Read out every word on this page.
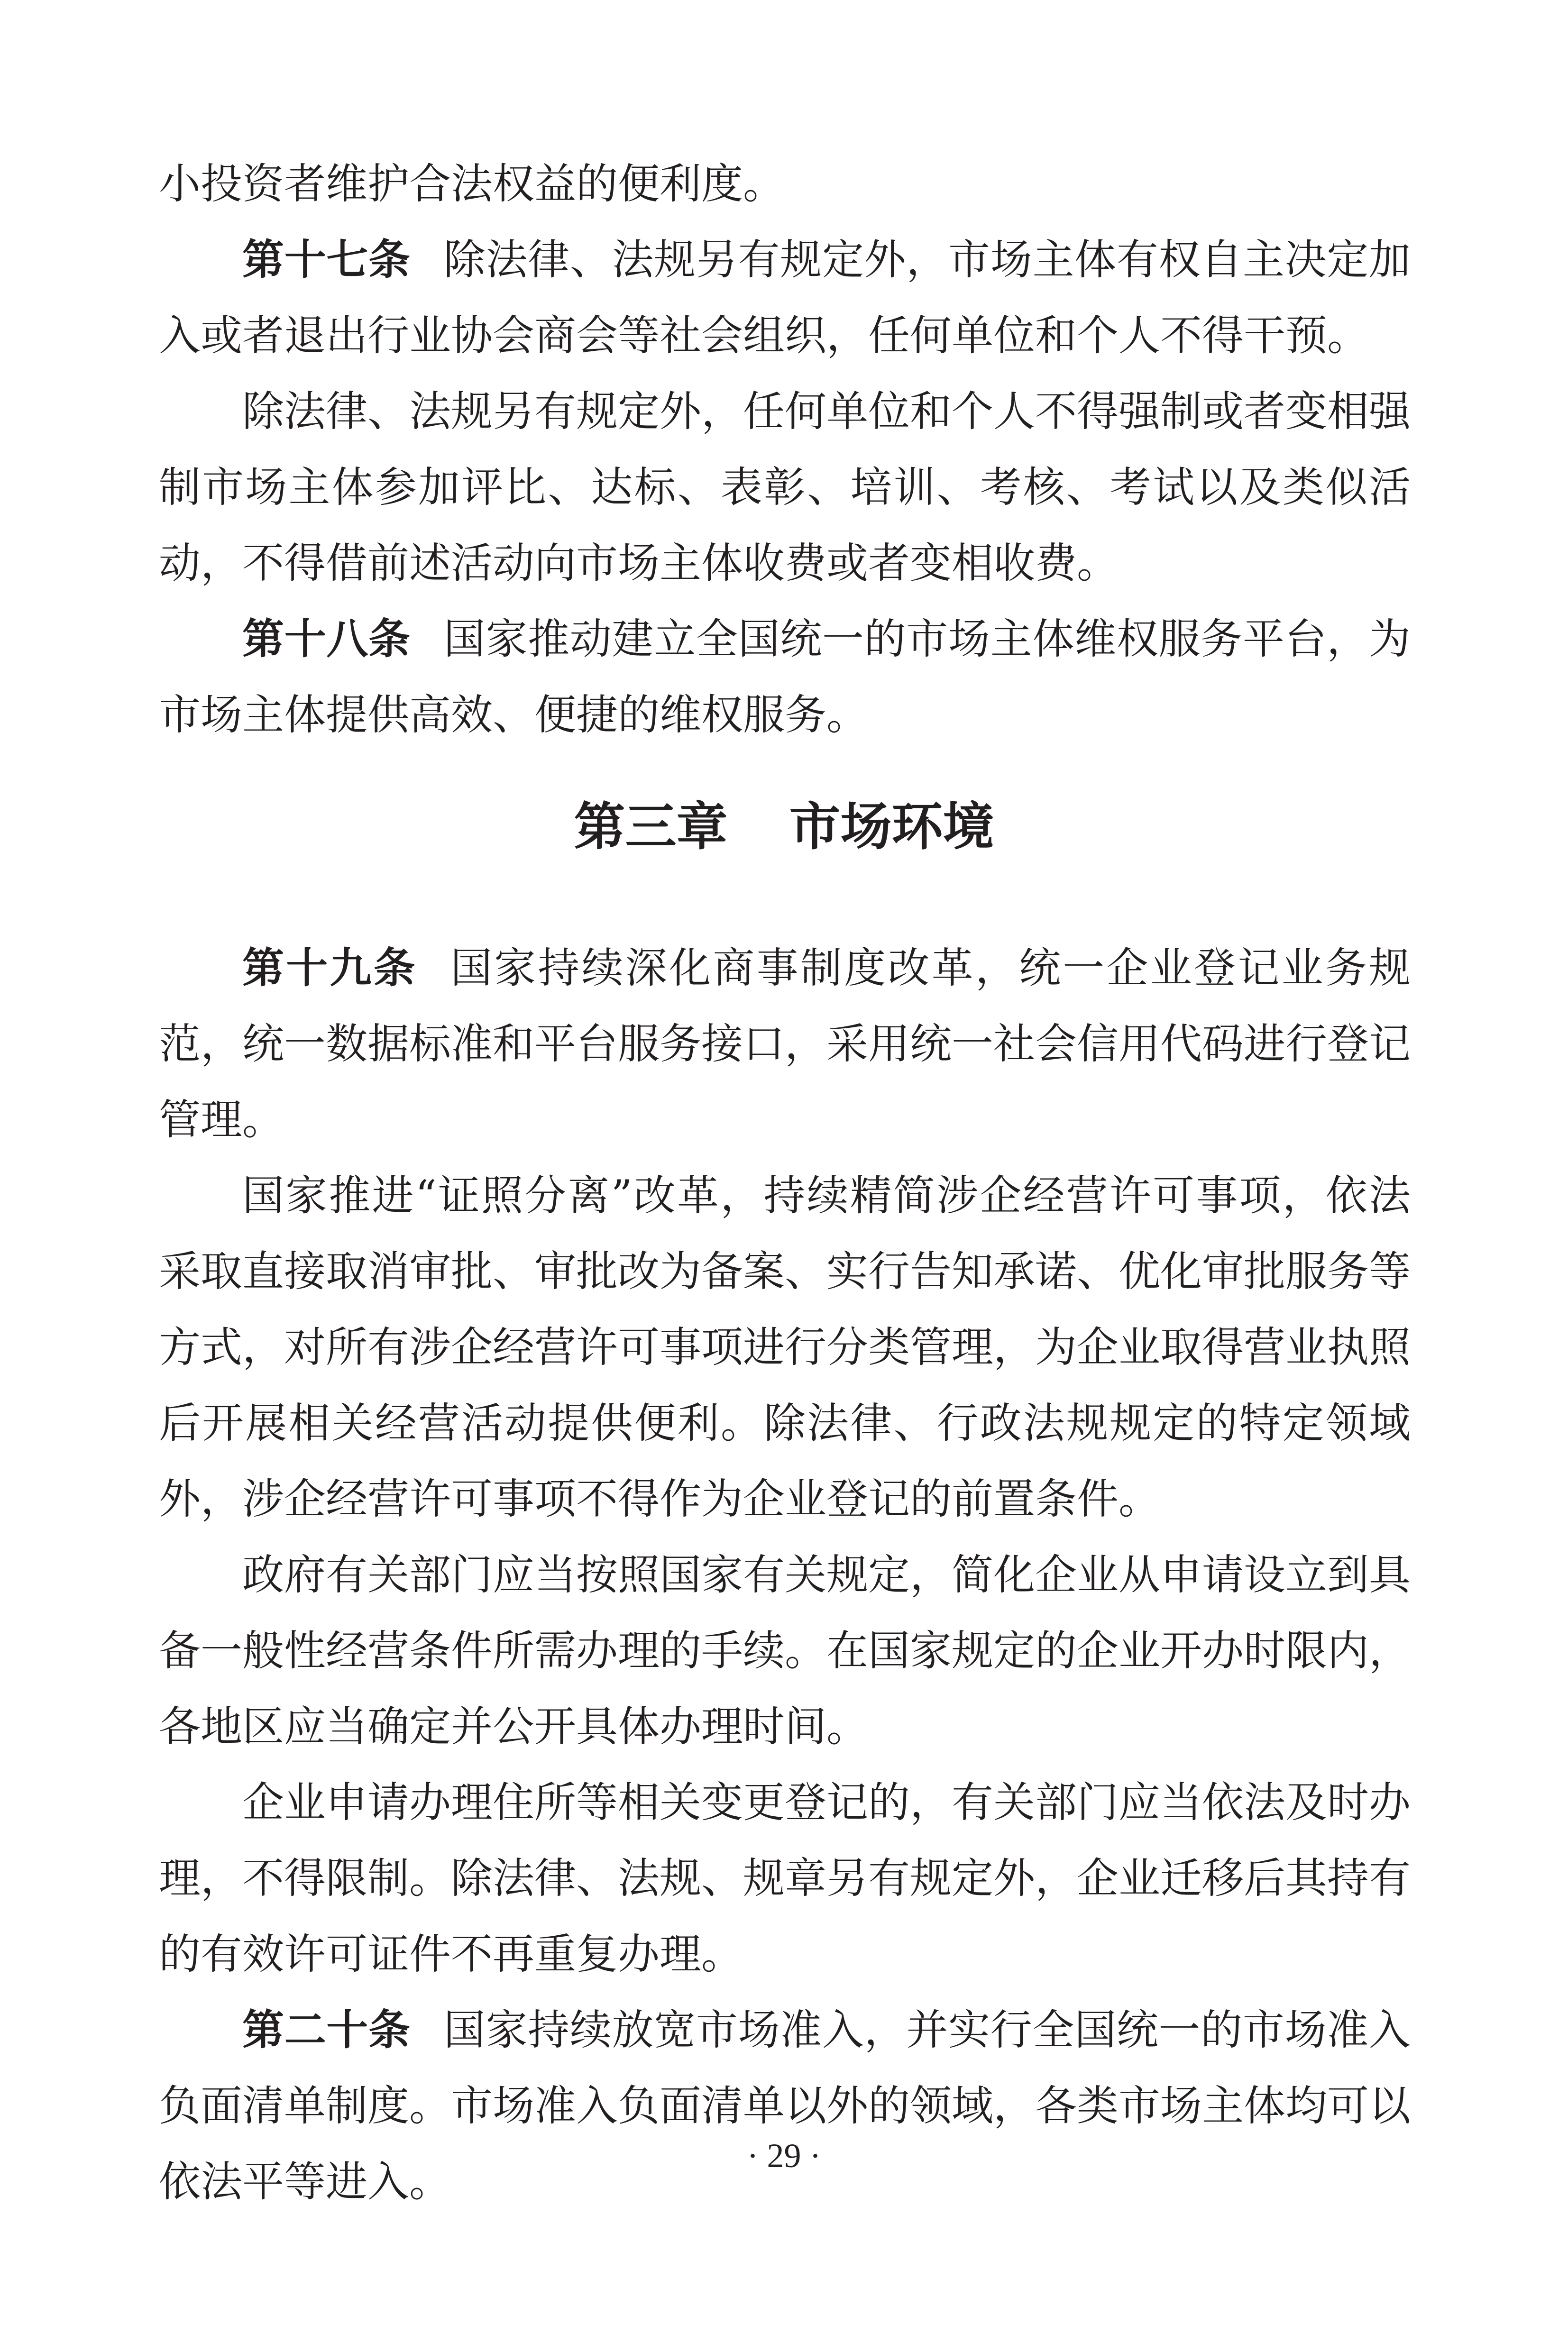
小投资者维护合法权益的便利度。

第十七条 除法律、法规另有规定外，市场主体有权自主决定加入或者退出行业协会商会等社会组织，任何单位和个人不得干预。

除法律、法规另有规定外，任何单位和个人不得强制或者变相强制市场主体参加评比、达标、表彰、培训、考核、考试以及类似活动，不得借前述活动向市场主体收费或者变相收费。

第十八条 国家推动建立全国统一的市场主体维权服务平台，为市场主体提供高效、便捷的维权服务。

第三章 市场环境

第十九条 国家持续深化商事制度改革，统一企业登记业务规范，统一数据标准和平台服务接口，采用统一社会信用代码进行登记管理。

国家推进“证照分离”改革，持续精简涉企经营许可事项，依法采取直接取消审批、审批改为备案、实行告知承诺、优化审批服务等方式，对所有涉企经营许可事项进行分类管理，为企业取得营业执照后开展相关经营活动提供便利。除法律、行政法规规定的特定领域外，涉企经营许可事项不得作为企业登记的前置条件。

政府有关部门应当按照国家有关规定，简化企业从申请设立到具备一般性经营条件所需办理的手续。在国家规定的企业开办时限内，各地区应当确定并公开具体办理时间。

企业申请办理住所等相关变更登记的，有关部门应当依法及时办理，不得限制。除法律、法规、规章另有规定外，企业迁移后其持有的有效许可证件不再重复办理。

第二十条 国家持续放宽市场准入，并实行全国统一的市场准入负面清单制度。市场准入负面清单以外的领域，各类市场主体均可以依法平等进入。

· 29 ·
